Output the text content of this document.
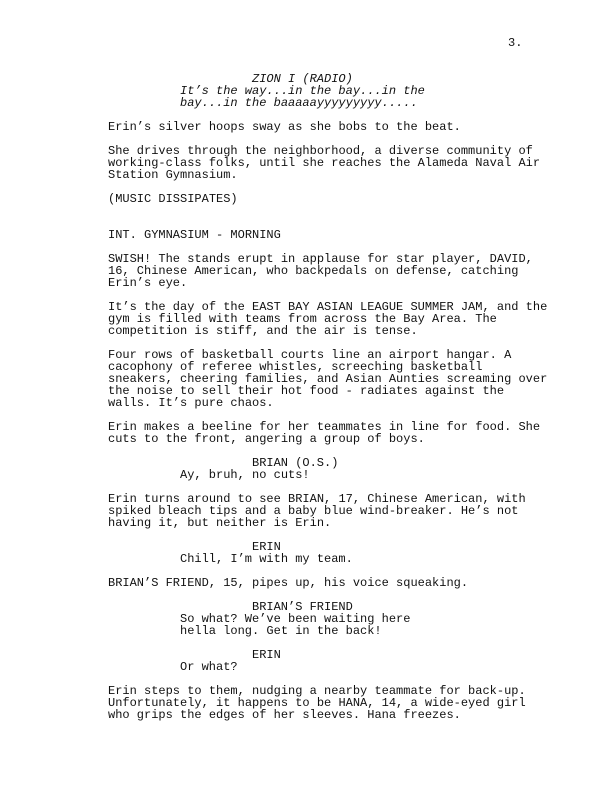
3.
ZION I (RADIO)
It’s the way...in the bay...in the
bay...in the baaaaayyyyyyyyy.....
Erin’s silver hoops sway as she bobs to the beat.
She drives through the neighborhood, a diverse community of
working-class folks, until she reaches the Alameda Naval Air
Station Gymnasium.
(MUSIC DISSIPATES)
INT. GYMNASIUM - MORNING
SWISH! The stands erupt in applause for star player, DAVID,
16, Chinese American, who backpedals on defense, catching
Erin’s eye.
It’s the day of the EAST BAY ASIAN LEAGUE SUMMER JAM, and the
gym is filled with teams from across the Bay Area. The
competition is stiff, and the air is tense.
Four rows of basketball courts line an airport hangar. A
cacophony of referee whistles, screeching basketball
sneakers, cheering families, and Asian Aunties screaming over
the noise to sell their hot food - radiates against the
walls. It’s pure chaos.
Erin makes a beeline for her teammates in line for food. She
cuts to the front, angering a group of boys.
BRIAN (O.S.)
Ay, bruh, no cuts!
Erin turns around to see BRIAN, 17, Chinese American, with
spiked bleach tips and a baby blue wind-breaker. He’s not
having it, but neither is Erin.
ERIN
Chill, I’m with my team.
BRIAN’S FRIEND, 15, pipes up, his voice squeaking.
BRIAN’S FRIEND
So what? We’ve been waiting here
hella long. Get in the back!
ERIN
Or what?
Erin steps to them, nudging a nearby teammate for back-up.
Unfortunately, it happens to be HANA, 14, a wide-eyed girl
who grips the edges of her sleeves. Hana freezes.
